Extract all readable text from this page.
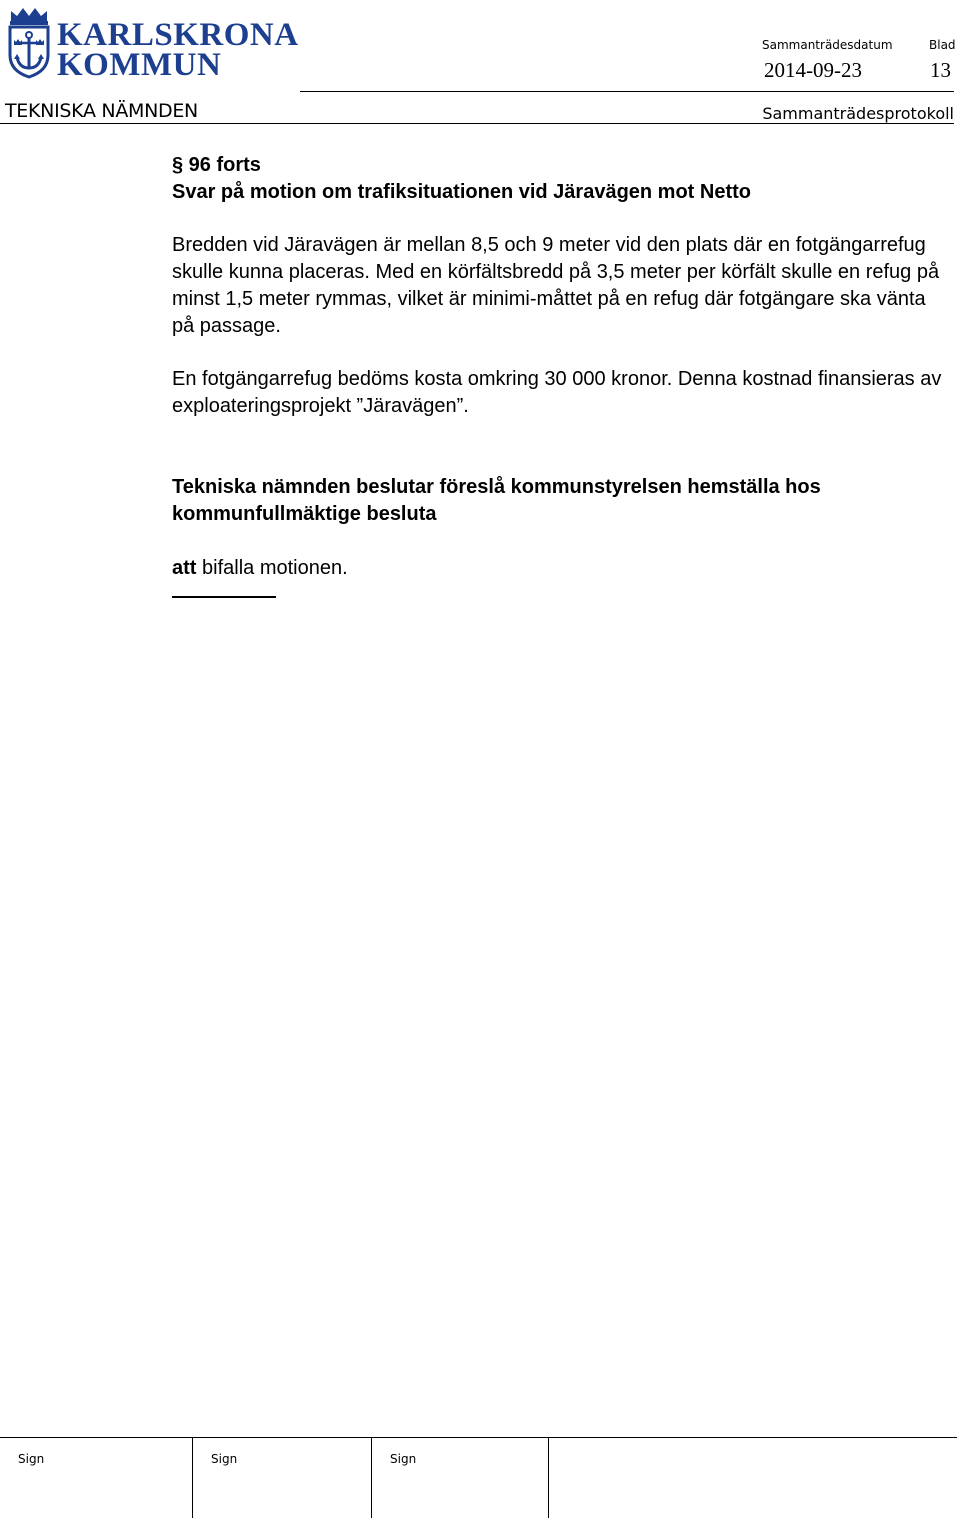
KARLSKRONA
KOMMUN
Sammanträdesdatum	Blad
2014-09-23	13
TEKNISKA NÄMNDEN	Sammanträdesprotokoll

§ 96 forts

Svar på motion om trafiksituationen vid Järavägen mot Netto

Bredden vid Järavägen är mellan 8,5 och 9 meter vid den plats där en fotgängarrefug skulle kunna placeras. Med en körfältsbredd på 3,5 meter per körfält skulle en refug på minst 1,5 meter rymmas, vilket är minimi-måttet på en refug där fotgängare ska vänta på passage.

En fotgängarrefug bedöms kosta omkring 30 000 kronor. Denna kostnad finansieras av exploateringsprojekt ”Järavägen”.

Tekniska nämnden beslutar föreslå kommunstyrelsen hemställa hos kommunfullmäktige besluta

att bifalla motionen.

Sign	Sign	Sign
